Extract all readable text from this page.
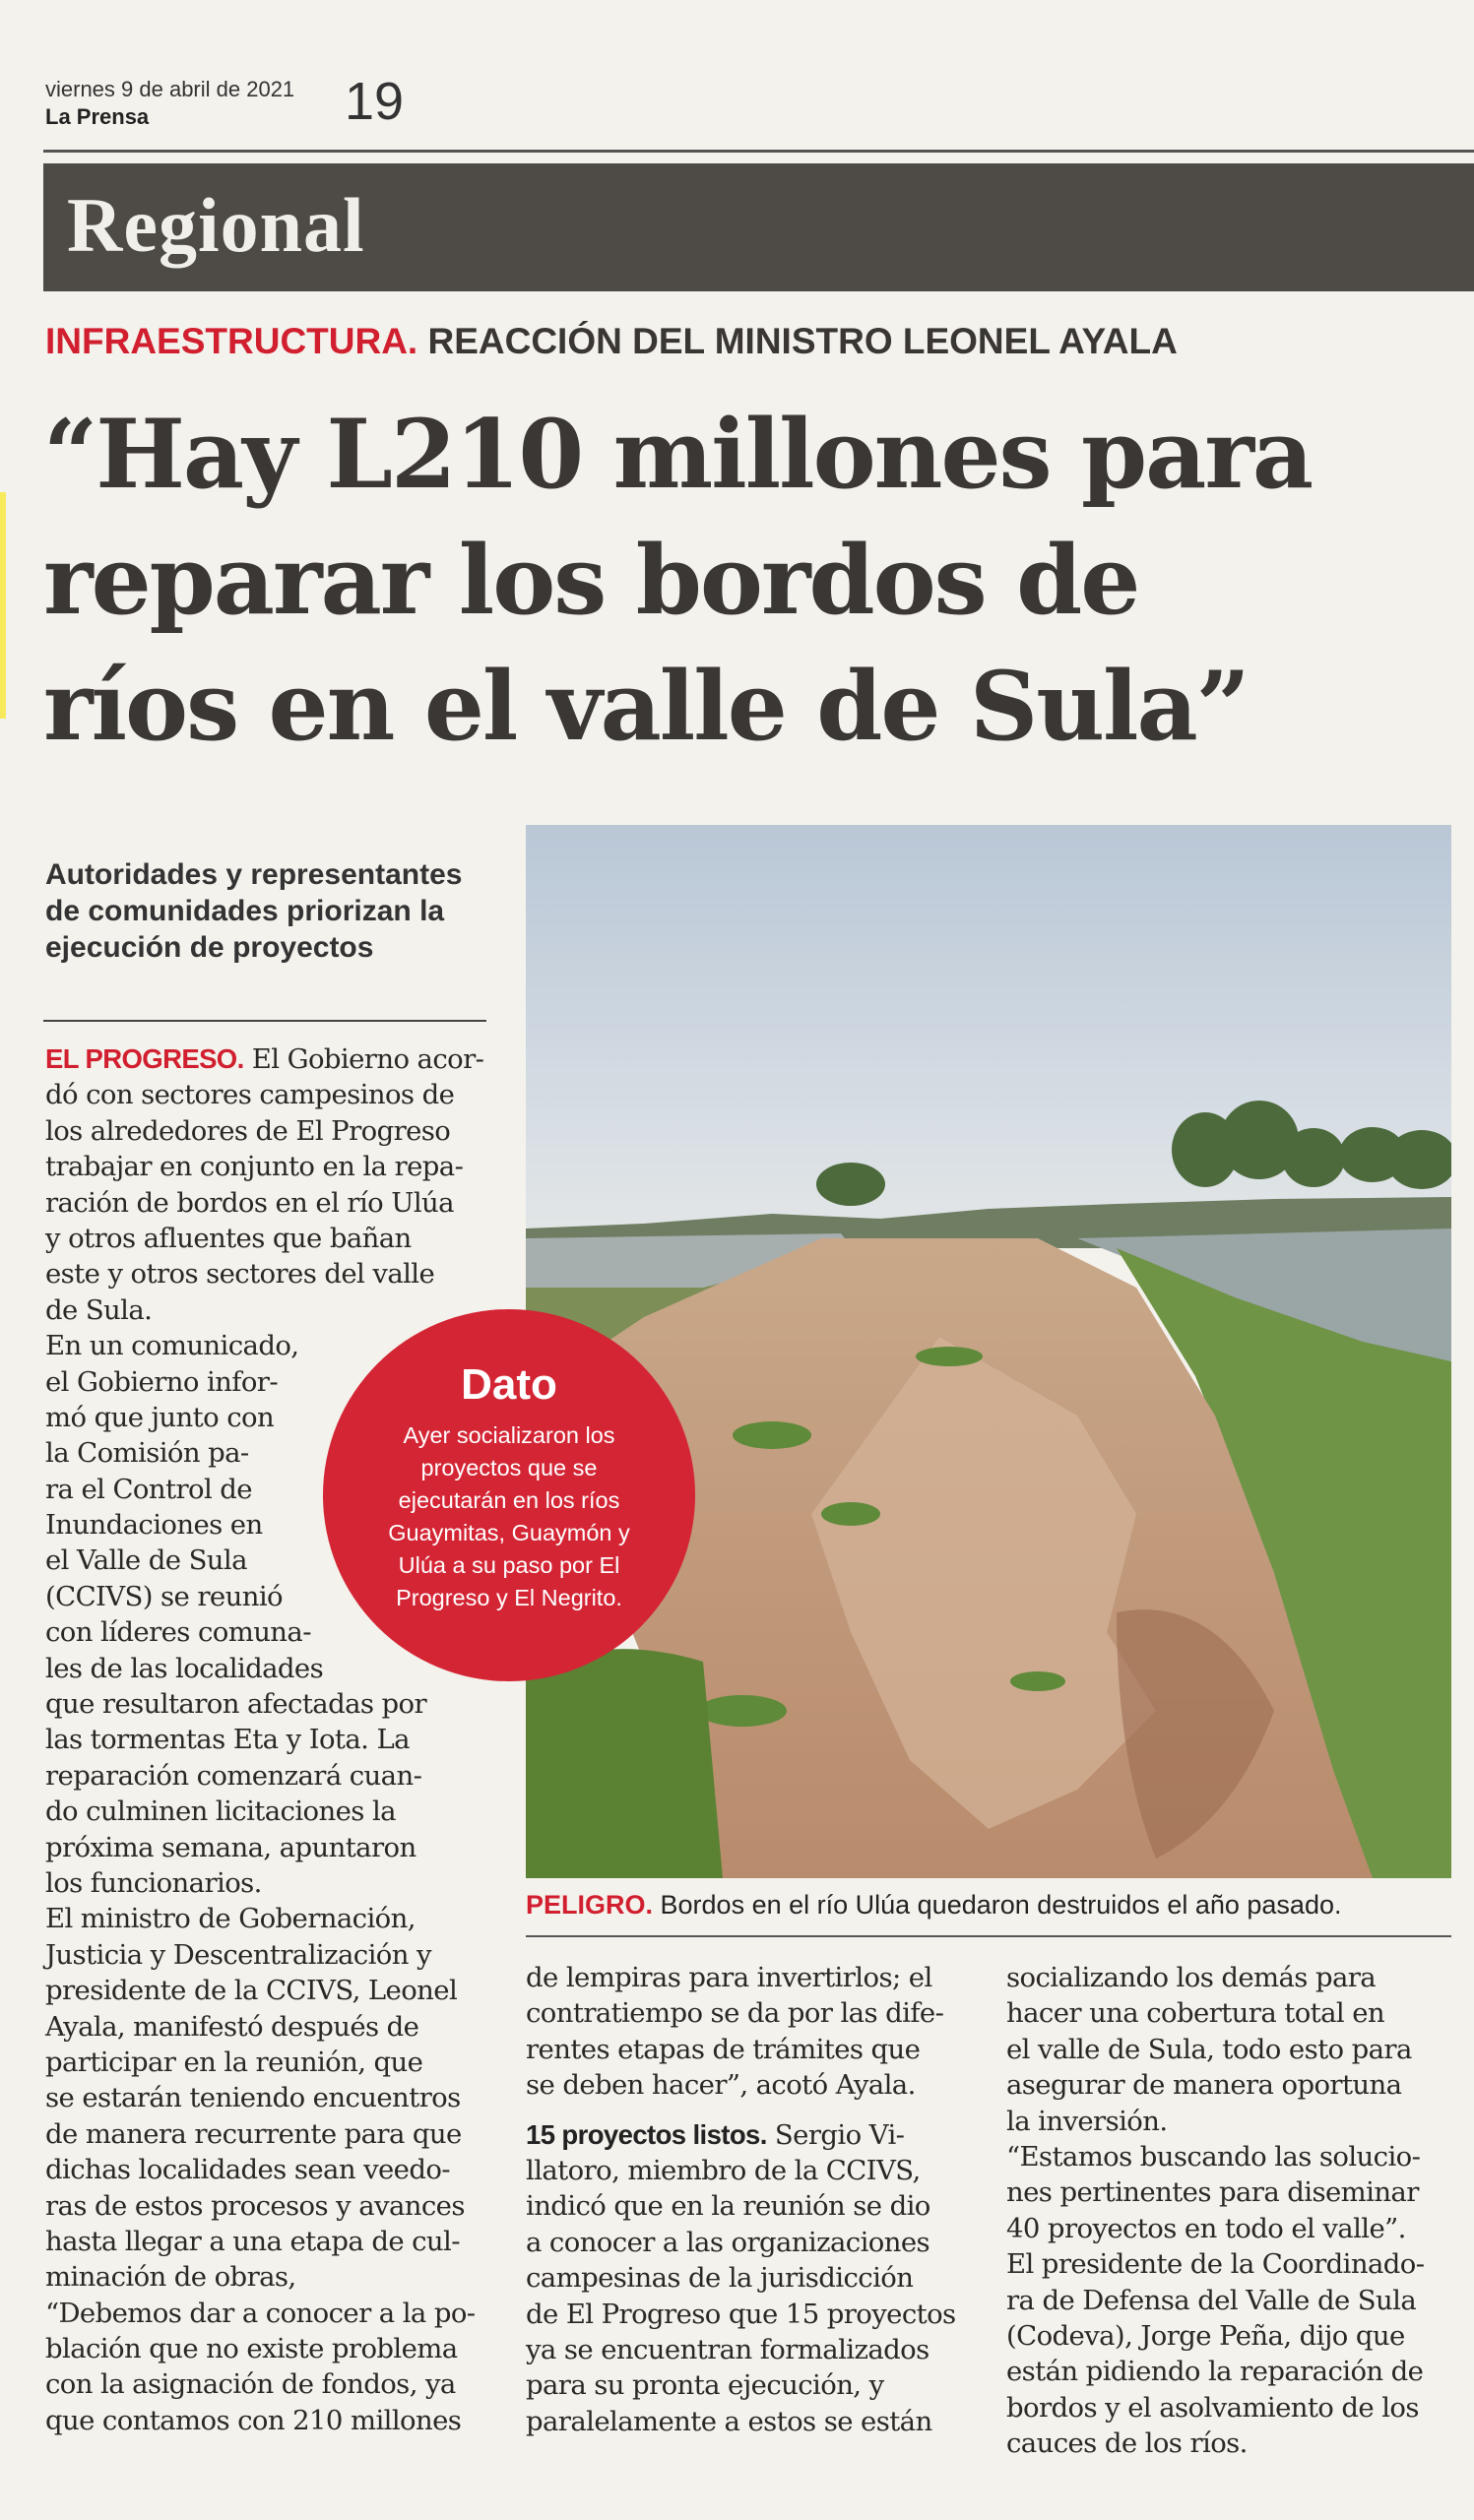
viernes 9 de abril de 2021
La Prensa	19
Regional
INFRAESTRUCTURA. REACCIÓN DEL MINISTRO LEONEL AYALA
“Hay L210 millones para
reparar los bordos de
ríos en el valle de Sula”
Autoridades y representantes de comunidades priorizan la ejecución de proyectos
Dato
Ayer socializaron los proyectos que se ejecutarán en los ríos Guaymitas, Guaymón y Ulúa a su paso por El Progreso y El Negrito.
PELIGRO. Bordos en el río Ulúa quedaron destruidos el año pasado.
EL PROGRESO. El Gobierno acor-
dó con sectores campesinos de
los alrededores de El Progreso
trabajar en conjunto en la repa-
ración de bordos en el río Ulúa
y otros afluentes que bañan
este y otros sectores del valle
de Sula.
En un comunicado,
el Gobierno infor-
mó que junto con
la Comisión pa-
ra el Control de
Inundaciones en
el Valle de Sula
(CCIVS) se reunió
con líderes comuna-
les de las localidades
que resultaron afectadas por
las tormentas Eta y Iota. La
reparación comenzará cuan-
do culminen licitaciones la
próxima semana, apuntaron
los funcionarios.
El ministro de Gobernación,
Justicia y Descentralización y
presidente de la CCIVS, Leonel
Ayala, manifestó después de
participar en la reunión, que
se estarán teniendo encuentros
de manera recurrente para que
dichas localidades sean veedo-
ras de estos procesos y avances
hasta llegar a una etapa de cul-
minación de obras,
“Debemos dar a conocer a la po-
blación que no existe problema
con la asignación de fondos, ya
que contamos con 210 millones
de lempiras para invertirlos; el
contratiempo se da por las dife-
rentes etapas de trámites que
se deben hacer”, acotó Ayala.
15 proyectos listos. Sergio Vi-
llatoro, miembro de la CCIVS,
indicó que en la reunión se dio
a conocer a las organizaciones
campesinas de la jurisdicción
de El Progreso que 15 proyectos
ya se encuentran formalizados
para su pronta ejecución, y
paralelamente a estos se están
socializando los demás para
hacer una cobertura total en
el valle de Sula, todo esto para
asegurar de manera oportuna
la inversión.
“Estamos buscando las solucio-
nes pertinentes para diseminar
40 proyectos en todo el valle”.
El presidente de la Coordinado-
ra de Defensa del Valle de Sula
(Codeva), Jorge Peña, dijo que
están pidiendo la reparación de
bordos y el asolvamiento de los
cauces de los ríos.
